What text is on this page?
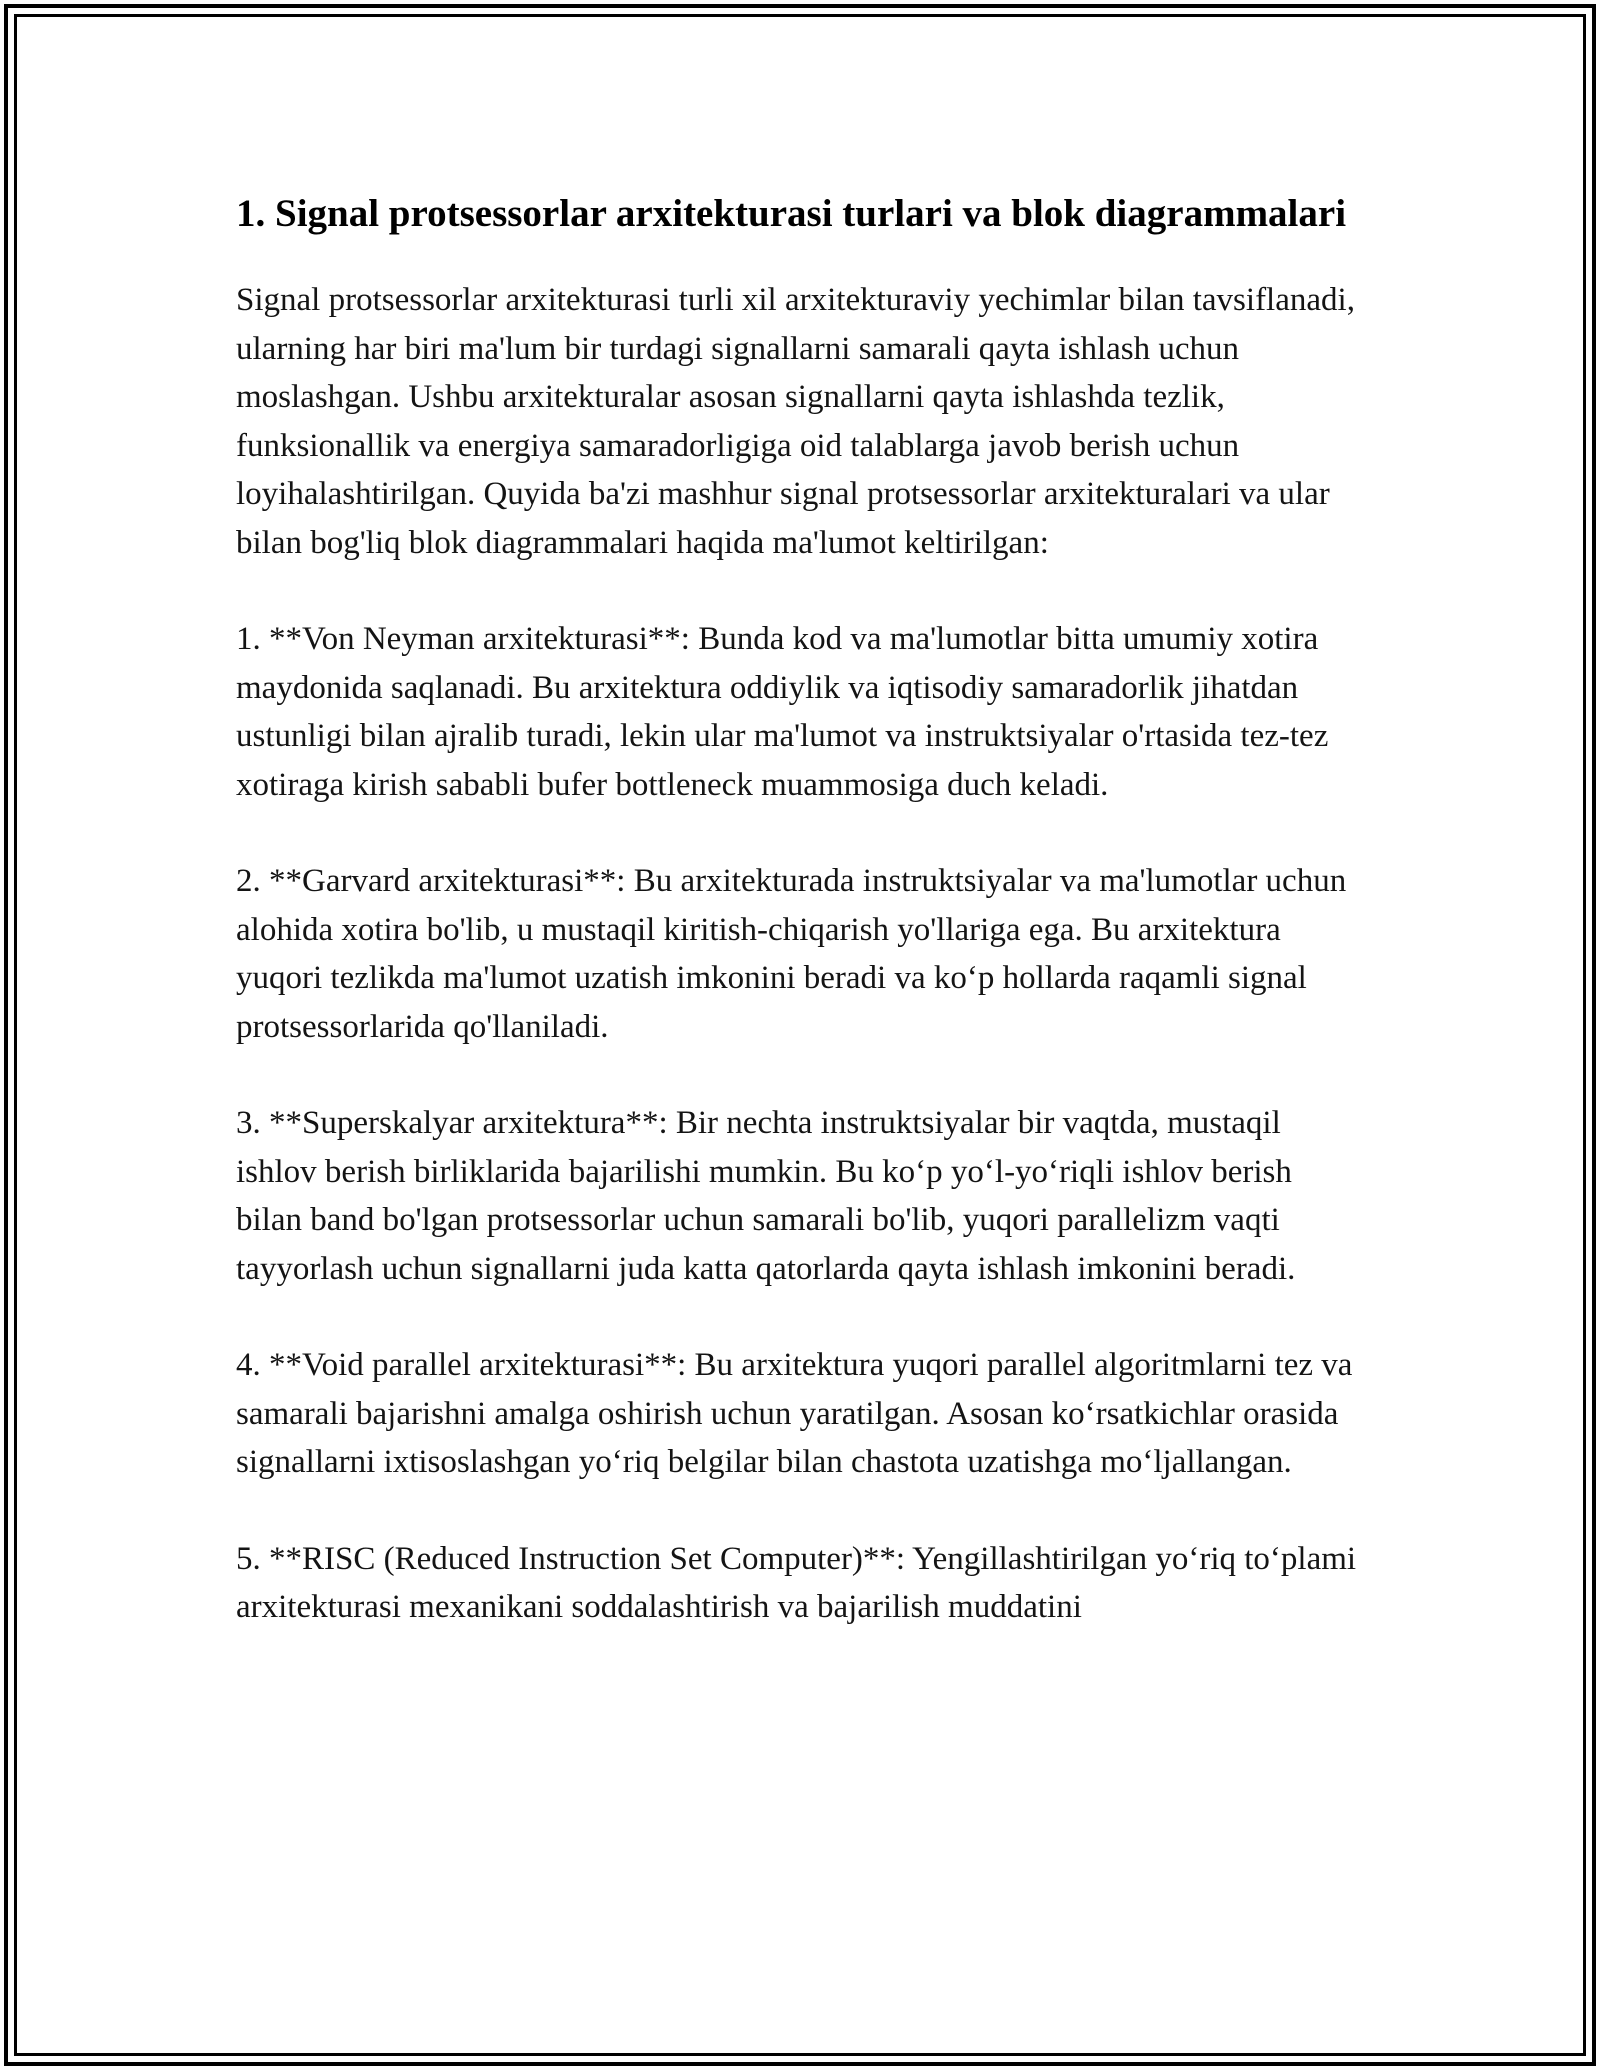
1. Signal protsessorlar arxitekturasi turlari va blok diagrammalari

Signal protsessorlar arxitekturasi turli xil arxitekturaviy yechimlar bilan tavsiflanadi, ularning har biri ma'lum bir turdagi signallarni samarali qayta ishlash uchun moslashgan. Ushbu arxitekturalar asosan signallarni qayta ishlashda tezlik, funksionallik va energiya samaradorligiga oid talablarga javob berish uchun loyihalashtirilgan. Quyida ba'zi mashhur signal protsessorlar arxitekturalari va ular bilan bog'liq blok diagrammalari haqida ma'lumot keltirilgan:

1. **Von Neyman arxitekturasi**: Bunda kod va ma'lumotlar bitta umumiy xotira maydonida saqlanadi. Bu arxitektura oddiylik va iqtisodiy samaradorlik jihatdan ustunligi bilan ajralib turadi, lekin ular ma'lumot va instruktsiyalar o'rtasida tez-tez xotiraga kirish sababli bufer bottleneck muammosiga duch keladi.

2. **Garvard arxitekturasi**: Bu arxitekturada instruktsiyalar va ma'lumotlar uchun alohida xotira bo'lib, u mustaqil kiritish-chiqarish yo'llariga ega. Bu arxitektura yuqori tezlikda ma'lumot uzatish imkonini beradi va ko‘p hollarda raqamli signal protsessorlarida qo'llaniladi.

3. **Superskalyar arxitektura**: Bir nechta instruktsiyalar bir vaqtda, mustaqil ishlov berish birliklarida bajarilishi mumkin. Bu ko‘p yo‘l-yo‘riqli ishlov berish bilan band bo'lgan protsessorlar uchun samarali bo'lib, yuqori parallelizm vaqti tayyorlash uchun signallarni juda katta qatorlarda qayta ishlash imkonini beradi.

4. **Void parallel arxitekturasi**: Bu arxitektura yuqori parallel algoritmlarni tez va samarali bajarishni amalga oshirish uchun yaratilgan. Asosan ko‘rsatkichlar orasida signallarni ixtisoslashgan yo‘riq belgilar bilan chastota uzatishga mo‘ljallangan.

5. **RISC (Reduced Instruction Set Computer)**: Yengillashtirilgan yo‘riq to‘plami arxitekturasi mexanikani soddalashtirish va bajarilish muddatini
